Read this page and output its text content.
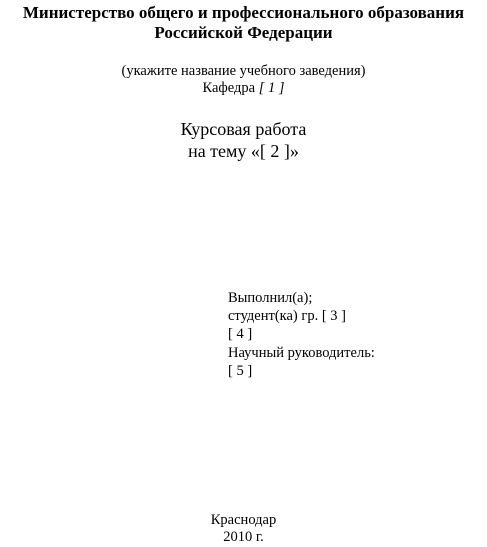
Министерство общего и профессионального образования
Российской Федерации
(укажите название учебного заведения)
Кафедра [ 1 ]
Курсовая работа
на тему «[ 2 ]»
Выполнил(а);
студент(ка) гр. [ 3 ]
[ 4 ]
Научный руководитель:
[ 5 ]
Краснодар
2010 г.
